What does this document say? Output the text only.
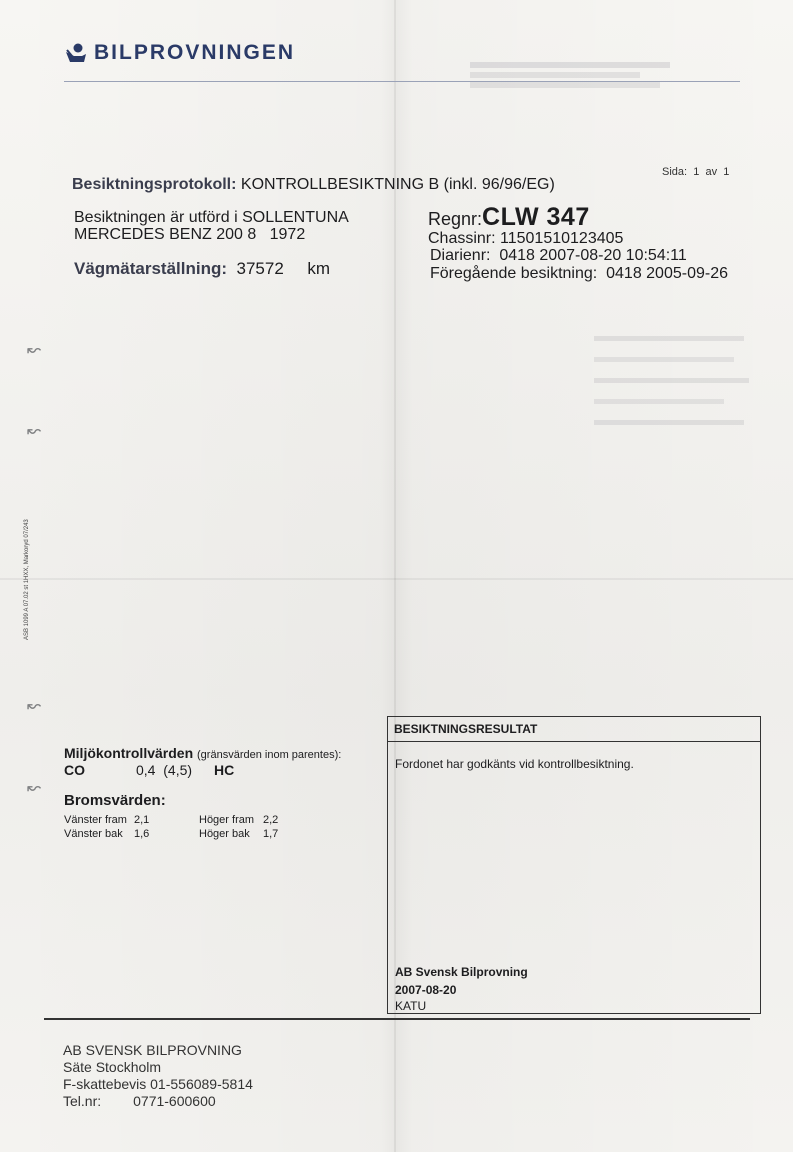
BILPROVNINGEN
Sida: 1 av 1
Besiktningsprotokoll: KONTROLLBESIKTNING B (inkl. 96/96/EG)
Besiktningen är utförd i SOLLENTUNA
MERCEDES BENZ 200 8   1972
Vägmätarställning: 37572 km
Regnr:CLW 347
Chassinr: 11501510123405
Diarienr:  0418 2007-08-20 10:54:11
Föregående besiktning:  0418 2005-09-26
ASB 1099 A 07.02 st 1HXX, Markoryd 07/243
↜
↜
↜
↜
Miljökontrollvärden (gränsvärden inom parentes):
CO	0,4  (4,5)	HC
Bromsvärden:
Vänster fram 2,1	Höger fram 2,2
Vänster bak	1,6	Höger bak	1,7
BESIKTNINGSRESULTAT
Fordonet har godkänts vid kontrollbesiktning.
AB Svensk Bilprovning
2007-08-20
KATU
AB SVENSK BILPROVNING
Säte Stockholm
F-skattebevis 01-556089-5814
Tel.nr: 0771-600600
